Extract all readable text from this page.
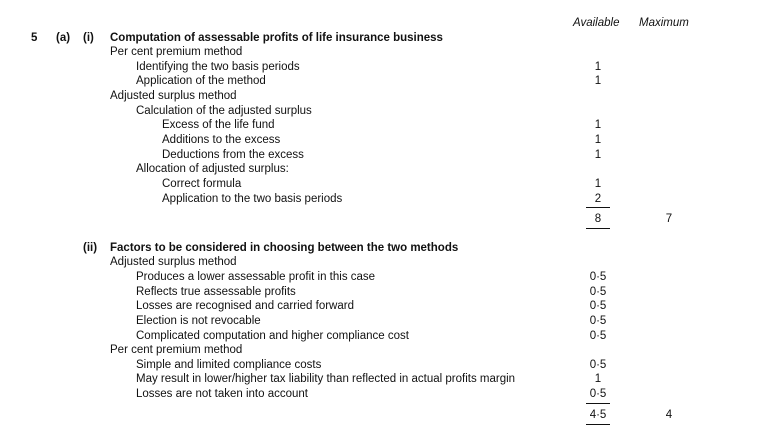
Available Maximum
5 (a) (i) Computation of assessable profits of life insurance business
Per cent premium method
Identifying the two basis periods	1
Application of the method	1
Adjusted surplus method
Calculation of the adjusted surplus
Excess of the life fund	1
Additions to the excess	1
Deductions from the excess	1
Allocation of adjusted surplus:
Correct formula	1
Application to the two basis periods	2
8	7
(ii) Factors to be considered in choosing between the two methods
Adjusted surplus method
Produces a lower assessable profit in this case	0·5
Reflects true assessable profits	0·5
Losses are recognised and carried forward	0·5
Election is not revocable	0·5
Complicated computation and higher compliance cost	0·5
Per cent premium method
Simple and limited compliance costs	0·5
May result in lower/higher tax liability than reflected in actual profits margin	1
Losses are not taken into account	0·5
4·5	4
